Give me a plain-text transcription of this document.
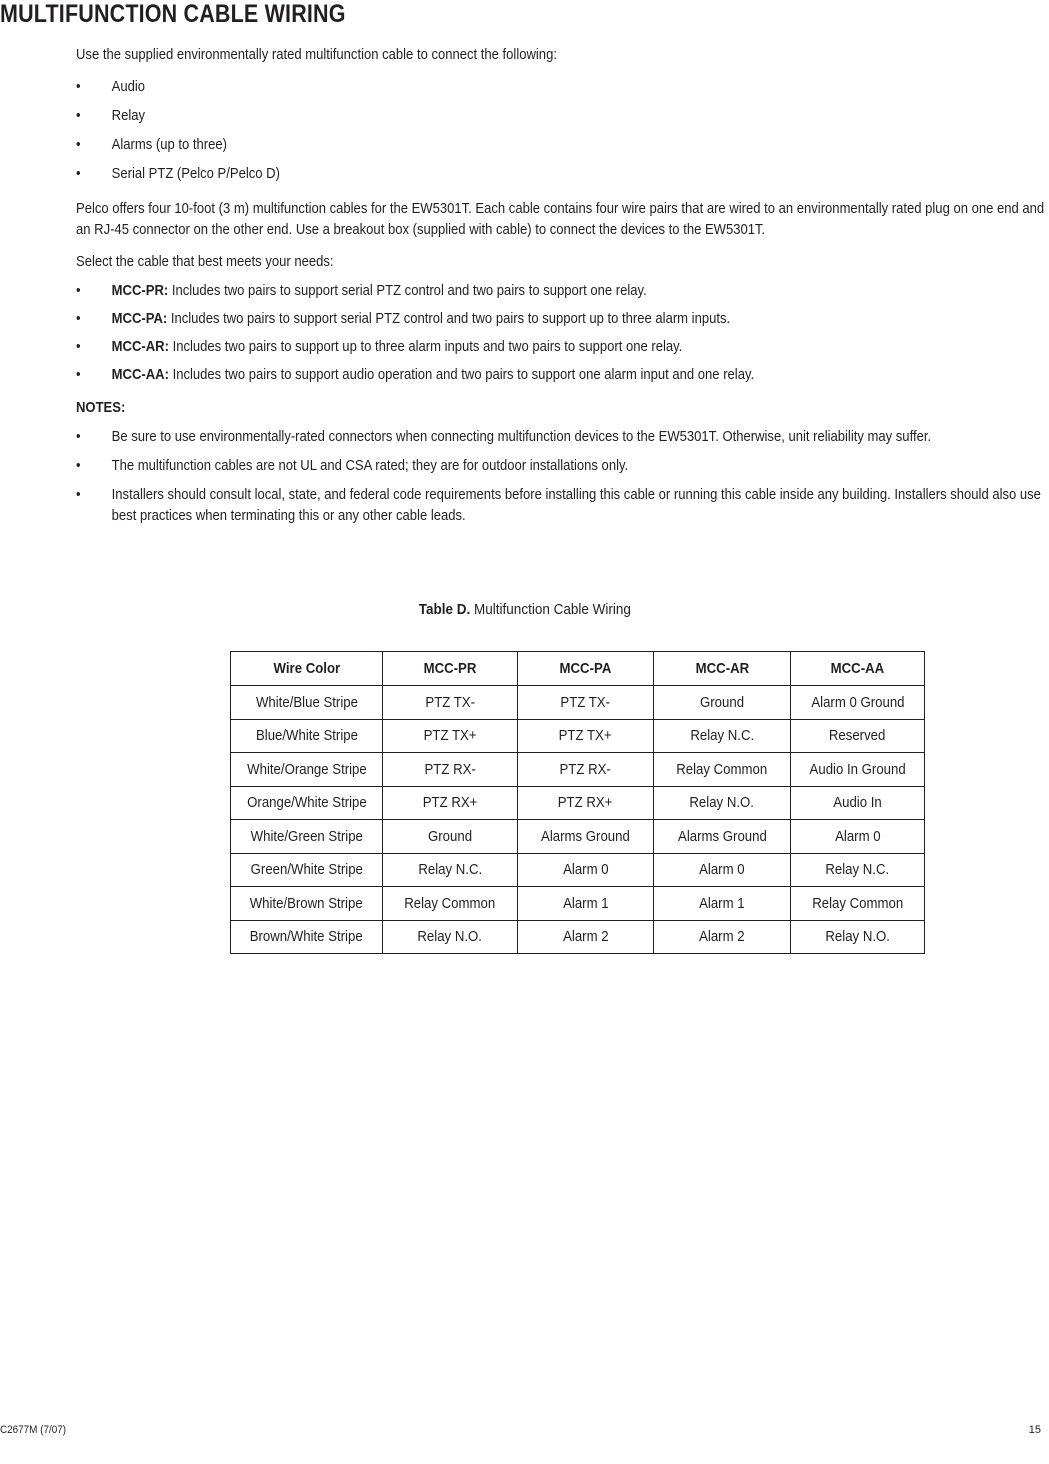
MULTIFUNCTION CABLE WIRING

Use the supplied environmentally rated multifunction cable to connect the following:

• Audio
• Relay
• Alarms (up to three)
• Serial PTZ (Pelco P/Pelco D)

Pelco offers four 10-foot (3 m) multifunction cables for the EW5301T. Each cable contains four wire pairs that are wired to an environmentally rated plug on one end and an RJ-45 connector on the other end. Use a breakout box (supplied with cable) to connect the devices to the EW5301T.

Select the cable that best meets your needs:

• MCC-PR: Includes two pairs to support serial PTZ control and two pairs to support one relay.
• MCC-PA: Includes two pairs to support serial PTZ control and two pairs to support up to three alarm inputs.
• MCC-AR: Includes two pairs to support up to three alarm inputs and two pairs to support one relay.
• MCC-AA: Includes two pairs to support audio operation and two pairs to support one alarm input and one relay.

NOTES:

• Be sure to use environmentally-rated connectors when connecting multifunction devices to the EW5301T. Otherwise, unit reliability may suffer.
• The multifunction cables are not UL and CSA rated; they are for outdoor installations only.
• Installers should consult local, state, and federal code requirements before installing this cable or running this cable inside any building. Installers should also use best practices when terminating this or any other cable leads.
Table D. Multifunction Cable Wiring
Wire Color	MCC-PR	MCC-PA	MCC-AR	MCC-AA
White/Blue Stripe	PTZ TX-	PTZ TX-	Ground	Alarm 0 Ground
Blue/White Stripe	PTZ TX+	PTZ TX+	Relay N.C.	Reserved
White/Orange Stripe	PTZ RX-	PTZ RX-	Relay Common	Audio In Ground
Orange/White Stripe	PTZ RX+	PTZ RX+	Relay N.O.	Audio In
White/Green Stripe	Ground	Alarms Ground	Alarms Ground	Alarm 0
Green/White Stripe	Relay N.C.	Alarm 0	Alarm 0	Relay N.C.
White/Brown Stripe	Relay Common	Alarm 1	Alarm 1	Relay Common
Brown/White Stripe	Relay N.O.	Alarm 2	Alarm 2	Relay N.O.
C2677M (7/07)	15
